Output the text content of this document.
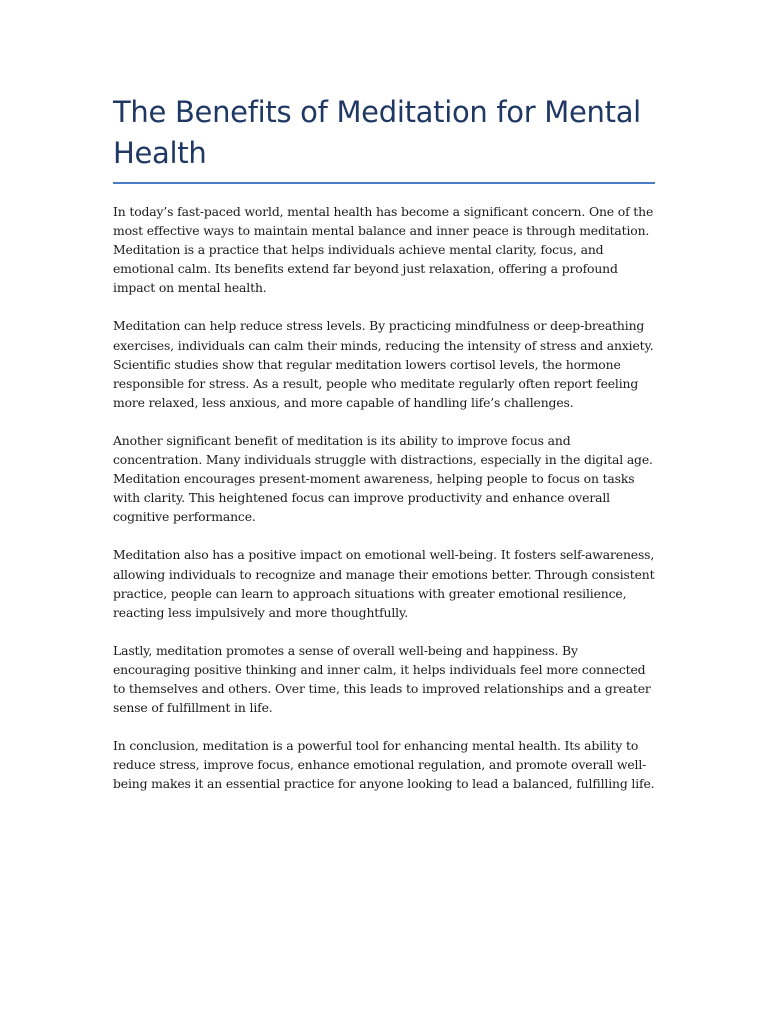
The Benefits of Meditation for Mental Health

In today’s fast-paced world, mental health has become a significant concern. One of the most effective ways to maintain mental balance and inner peace is through meditation. Meditation is a practice that helps individuals achieve mental clarity, focus, and emotional calm. Its benefits extend far beyond just relaxation, offering a profound impact on mental health.

Meditation can help reduce stress levels. By practicing mindfulness or deep-breathing exercises, individuals can calm their minds, reducing the intensity of stress and anxiety. Scientific studies show that regular meditation lowers cortisol levels, the hormone responsible for stress. As a result, people who meditate regularly often report feeling more relaxed, less anxious, and more capable of handling life’s challenges.

Another significant benefit of meditation is its ability to improve focus and concentration. Many individuals struggle with distractions, especially in the digital age. Meditation encourages present-moment awareness, helping people to focus on tasks with clarity. This heightened focus can improve productivity and enhance overall cognitive performance.

Meditation also has a positive impact on emotional well-being. It fosters self-awareness, allowing individuals to recognize and manage their emotions better. Through consistent practice, people can learn to approach situations with greater emotional resilience, reacting less impulsively and more thoughtfully.

Lastly, meditation promotes a sense of overall well-being and happiness. By encouraging positive thinking and inner calm, it helps individuals feel more connected to themselves and others. Over time, this leads to improved relationships and a greater sense of fulfillment in life.

In conclusion, meditation is a powerful tool for enhancing mental health. Its ability to reduce stress, improve focus, enhance emotional regulation, and promote overall well-being makes it an essential practice for anyone looking to lead a balanced, fulfilling life.
